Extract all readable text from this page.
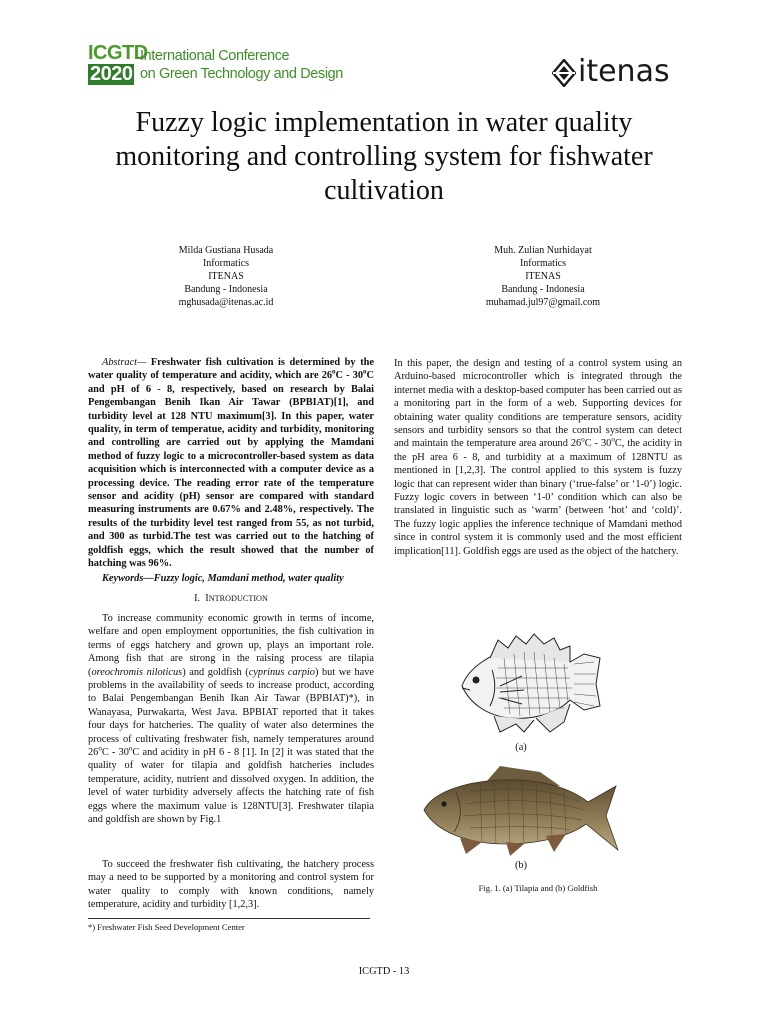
ICGTD
2020
International Conference
on Green Technology and Design	itenas
Fuzzy logic implementation in water quality monitoring and controlling system for fishwater cultivation
Milda Gustiana Husada
Informatics
ITENAS
Bandung - Indonesia
mghusada@itenas.ac.id
Muh. Zulian Nurhidayat
Informatics
ITENAS
Bandung - Indonesia
muhamad.jul97@gmail.com

Abstract— Freshwater fish cultivation is determined by the water quality of temperature and acidity, which are 26$^o$C - 30$^o$C and pH of 6 - 8, respectively, based on research by Balai Pengembangan Benih Ikan Air Tawar (BPBIAT)[1], and turbidity level at 128 NTU maximum[3]. In this paper, water quality, in term of temperatue, acidity and turbidity, monitoring and controlling are carried out by applying the Mamdani method of fuzzy logic to a microcontroller-based system as data acquisition which is interconnected with a computer device as a processing device. The reading error rate of the temperature sensor and acidity (pH) sensor are compared with standard measuring instruments are 0.67% and 2.48%, respectively. The results of the turbidity level test ranged from 55, as not turbid, and 300 as turbid.The test was carried out to the hatching of goldfish eggs, which the result showed that the number of hatching was 96%.

Keywords—Fuzzy logic, Mamdani method, water quality

I. INTRODUCTION

To increase community economic growth in terms of income, welfare and open employment opportunities, the fish cultivation in terms of eggs hatchery and grown up, plays an important role. Among fish that are strong in the raising process are tilapia (oreochromis niloticus) and goldfish (cyprinus carpio) but we have problems in the availability of seeds to increase product, according to Balai Pengembangan Benih Ikan Air Tawar (BPBIAT)*), in Wanayasa, Purwakarta, West Java. BPBIAT reported that it takes four days for hatcheries. The quality of water also determines the process of cultivating freshwater fish, namely temperatures around 26$^o$C - 30$^o$C and acidity in pH 6 - 8 [1]. In [2] it was stated that the quality of water for tilapia and goldfish hatcheries includes temperature, acidity, nutrient and dissolved oxygen. In addition, the level of water turbidity adversely affects the hatching rate of fish eggs where the maximum value is 128NTU[3]. Freshwater tilapia and goldfish are shown by Fig.1

To succeed the freshwater fish cultivating, the hatchery process may a need to be supported by a monitoring and control system for water quality to comply with known conditions, namely temperature, acidity and turbidity [1,2,3].

*) Freshwater Fish Seed Development Center

In this paper, the design and testing of a control system using an Arduino-based microcontroller which is integrated through the internet media with a desktop-based computer has been carried out as a monitoring part in the form of a web. Supporting devices for obtaining water quality conditions are temperature sensors, acidity sensors and turbidity sensors so that the control system can detect and maintain the temperature area around 26$^o$C - 30$^o$C, the acidity in the pH area 6 - 8, and turbidity at a maximum of 128NTU as mentioned in [1,2,3]. The control applied to this system is fuzzy logic that can represent wider than binary (‘true-false’ or ‘1-0’) logic. Fuzzy logic covers in between ‘1-0’ condition which can also be translated in linguistic such as ‘warm’ (between ‘hot’ and ‘cold)’. The fuzzy logic applies the inference technique of Mamdani method since in control system it is commonly used and the most efficient implication[11]. Goldfish eggs are used as the object of the hatchery.

(a)
(b)
Fig. 1. (a) Tilapia and (b) Goldfish
ICGTD - 13
